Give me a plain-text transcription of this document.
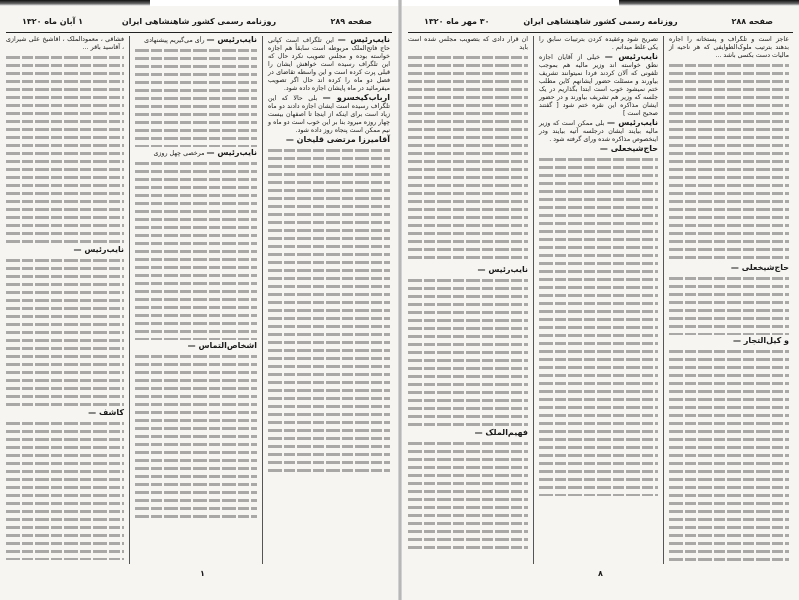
صفحه ۲۸۹
روزنامه رسمی کشور شاهنشاهی ایران
۱ آبان ماه ۱۳۲۰

نایب‌رئیس — این تلگراف است کپانی حاج فاتح‌الملک مربوطه است سابقاً هم اجازه خواسته بوده و مجلس تصویب نکرد حال که این تلگراف رسیده است خواهش ایشان را قبلی پرت کرده است و این واسطه تقاضای در فصل دو ماه را کرده اند حال اگر تصویب میفرمائید در ماه پایشان اجازه داده شود.

ارباب‌کیخسرو — بلی حالا که این تلگراف رسیده است ایشان اجازه دادند دو ماه زیاد است برای اینکه از اینجا تا اصفهان بیست چهار روزه میرود بنا بر این خوب است دو ماه و نیم ممکن است پنجاه روز داده شود.

آقامیرزا مرتضی قلیخان —

نایب‌رئیس — رأی می‌گیریم پیشنهادی

نایب‌رئیس — مرخصی چهل روزی

اشخاص‌التماس —

فشاقی ، معمودالملک ، آقاشیخ علی شیرازی ، آقاسید باقر ...

نایب‌رئیس —

کاشف —

۱
صفحه ۲۸۸
روزنامه رسمی کشور شاهنشاهی ایران
۳۰ مهر ماه ۱۳۲۰

عاجز است و تلگراف و پستخانه را اجاره بدهند بترتیب ملوک‌الطوایفی که هر ناحیه از مالیات دست بکسی باشد ...

حاج‌شیخعلی —

و کیل‌التجار —

تصریح شود وعقیده کردن بترتیبات سابق را یکی غلط میدانم .

نایب‌رئیس — خیلی از آقایان اجازه نطق خواسته اند وزیر مالیه هم بموجب تلفونی که آلان کردند فردا نمیتوانند تشریف بیاورند و مسئلت حضور ایشانهم کاین مطلب ختم نمیشود خوب است ابتدا بگذاریم در یک جلسه که وزیر هم تشریف بیاورند و در حضور ایشان مذاکره این نقره ختم شود [ گفتند صحیح است ]

نایب‌رئیس — بلی ممکن است که وزیر مالیه بیایند ایشان درجلسه آتیه بیایند ودر اینخصوص مذاکره شده ورای گرفته شود .

حاج‌شیخعلی —

آن قرار دادی که بتصویب مجلس شده است باید

نایب‌رئیس —

فهیم‌الملک —

۸
